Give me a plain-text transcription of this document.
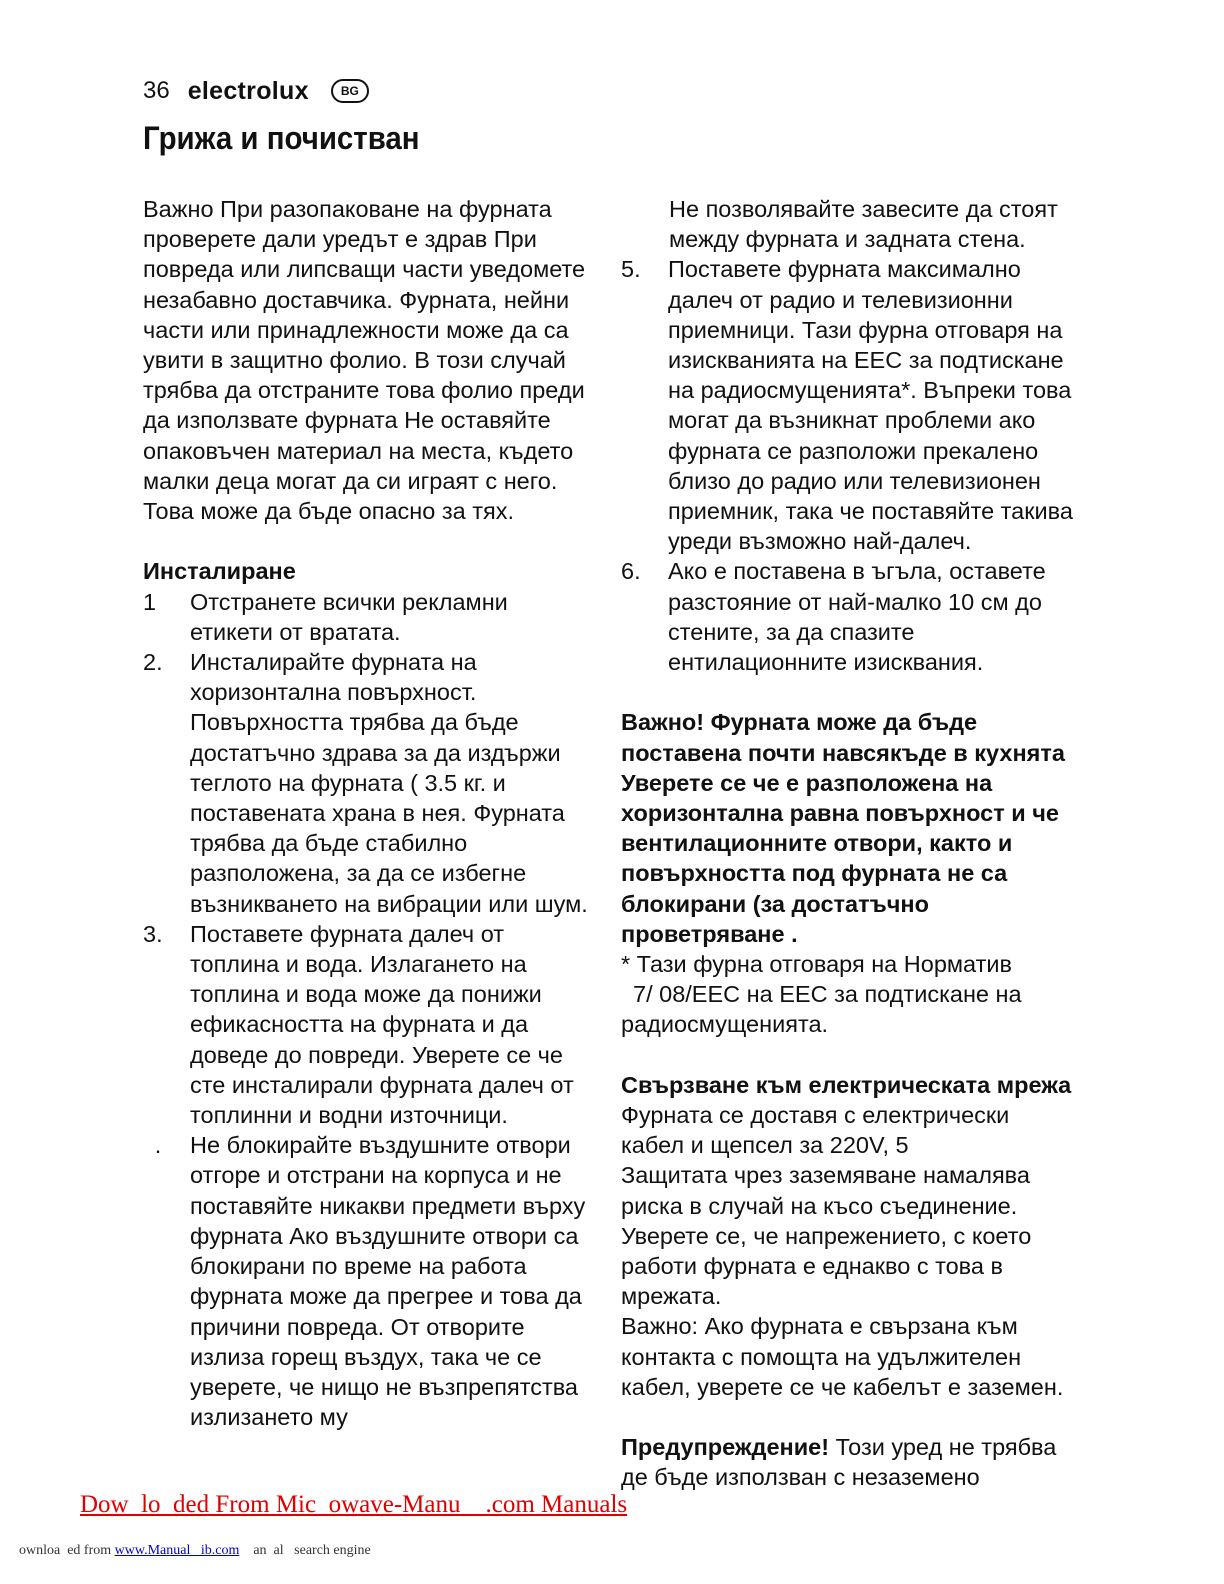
36 electrolux	BG
Грижа и почистван

Важно При разопаковане на фурната проверете дали уредът е здрав При повреда или липсващи части уведомете незабавно доставчика. Фурната, нейни части или принадлежности може да са увити в защитно фолио. В този случай трябва да отстраните това фолио преди да използвате фурната Не оставяйте опаковъчен материал на места, където малки деца могат да си играят с него. Това може да бъде опасно за тях.

Инсталиране

1	Отстранете всички рекламни етикети от вратата.
2.	Инсталирайте фурната на хоризонтална повърхност. Повърхността трябва да бъде достатъчно здрава за да издържи теглото на фурната ( 3.5 кг. и поставената храна в нея. Фурната трябва да бъде стабилно разположена, за да се избегне възникването на вибрации или шум.
3.	Поставете фурната далеч от топлина и вода. Излагането на топлина и вода може да понижи ефикасността на фурната и да доведе до повреди. Уверете се че сте инсталирали фурната далеч от топлинни и водни източници.
.	Не блокирайте въздушните отвори отгоре и отстрани на корпуса и не поставяйте никакви предмети върху фурната Ако въздушните отвори са блокирани по време на работа фурната може да прегрее и това да причини повреда. От отворите излиза горещ въздух, така че се уверете, че нищо не възпрепятства излизането му

Не позволявайте завесите да стоят между фурната и задната стена.

5.	Поставете фурната максимално далеч от радио и телевизионни приемници. Тази фурна отговаря на изискванията на EEC за подтискане на радиосмущенията*. Въпреки това могат да възникнат проблеми ако фурната се разположи прекалено близо до радио или телевизионен приемник, така че поставяйте такива уреди възможно най-далеч.
6.	Ако е поставена в ъгъла, оставете разстояние от най-малко 10 см до стените, за да спазите ентилационните изисквания.

Важно! Фурната може да бъде поставена почти навсякъде в кухнята Уверете се че е разположена на хоризонтална равна повърхност и че вентилационните отвори, както и повърхността под фурната не са блокирани (за достатъчно проветряване .

* Тази фурна отговаря на Норматив

7/ 08/EEC на EEC за подтискане на

радиосмущенията.

Свързване към електрическата мрежа

Фурната се доставя с електрически кабел и щепсел за 220V, 5

Защитата чрез заземяване намалява риска в случай на късо съединение. Уверете се, че напрежението, с което работи фурната е еднакво с това в мрежата.

Важно: Ако фурната е свързана към контакта с помощта на удължителен кабел, уверете се че кабелът е заземен.

Предупреждение! Този уред не трябва де бъде използван с незаземено

Dow  lo  ded From Mic  owave-Manu    .com Manuals
ownloa  ed from www.Manual   ib.com    an  al   search engine
